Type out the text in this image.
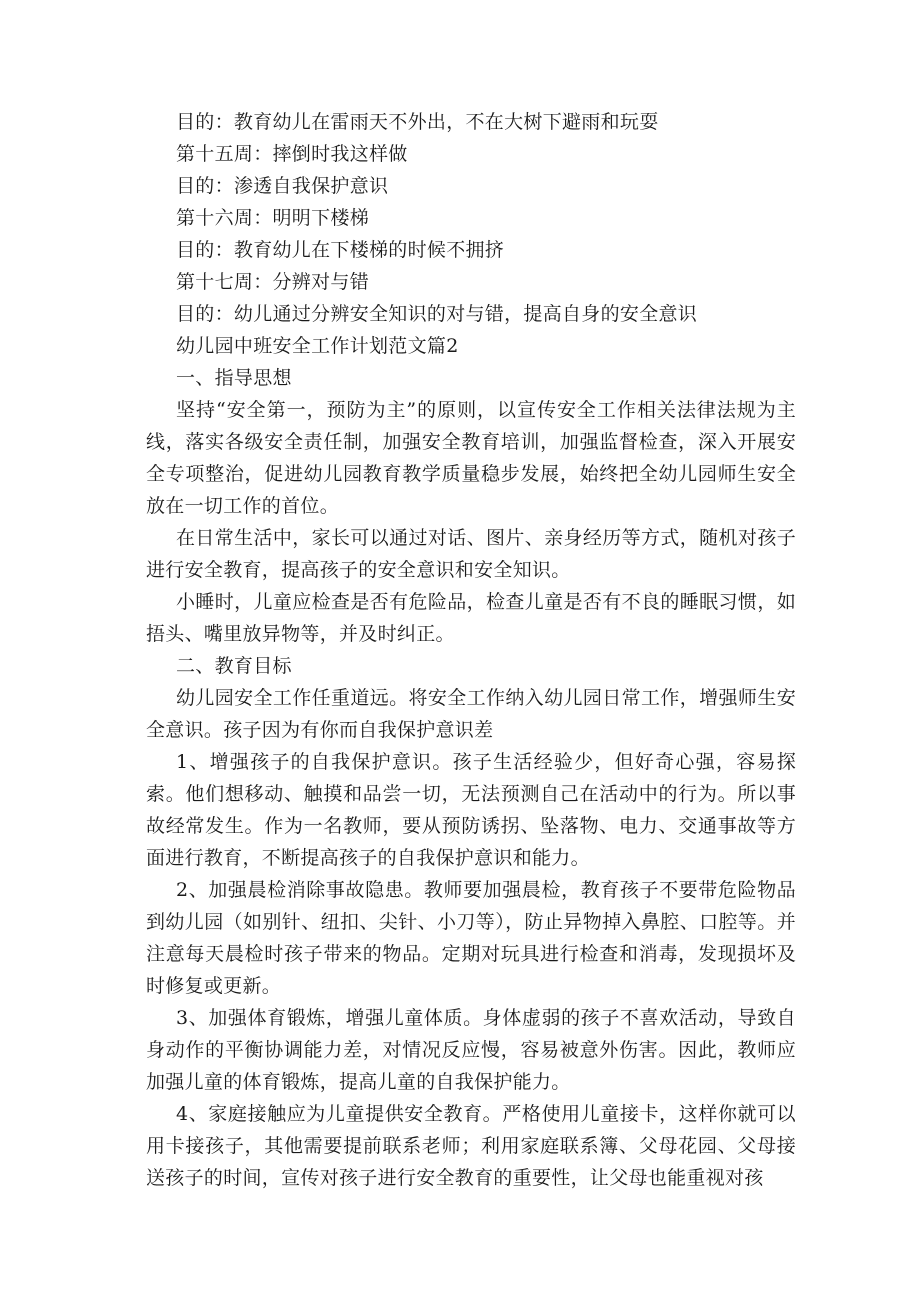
目的：教育幼儿在雷雨天不外出，不在大树下避雨和玩耍

第十五周：摔倒时我这样做

目的：渗透自我保护意识

第十六周：明明下楼梯

目的：教育幼儿在下楼梯的时候不拥挤

第十七周：分辨对与错

目的：幼儿通过分辨安全知识的对与错，提高自身的安全意识

幼儿园中班安全工作计划范文篇2

一、指导思想

坚持“安全第一，预防为主”的原则，以宣传安全工作相关法律法规为主线，落实各级安全责任制，加强安全教育培训，加强监督检查，深入开展安全专项整治，促进幼儿园教育教学质量稳步发展，始终把全幼儿园师生安全放在一切工作的首位。

在日常生活中，家长可以通过对话、图片、亲身经历等方式，随机对孩子进行安全教育，提高孩子的安全意识和安全知识。

小睡时，儿童应检查是否有危险品，检查儿童是否有不良的睡眠习惯，如捂头、嘴里放异物等，并及时纠正。

二、教育目标

幼儿园安全工作任重道远。将安全工作纳入幼儿园日常工作，增强师生安全意识。孩子因为有你而自我保护意识差

1、增强孩子的自我保护意识。孩子生活经验少，但好奇心强，容易探索。他们想移动、触摸和品尝一切，无法预测自己在活动中的行为。所以事故经常发生。作为一名教师，要从预防诱拐、坠落物、电力、交通事故等方面进行教育，不断提高孩子的自我保护意识和能力。

2、加强晨检消除事故隐患。教师要加强晨检，教育孩子不要带危险物品到幼儿园（如别针、纽扣、尖针、小刀等），防止异物掉入鼻腔、口腔等。并注意每天晨检时孩子带来的物品。定期对玩具进行检查和消毒，发现损坏及时修复或更新。

3、加强体育锻炼，增强儿童体质。身体虚弱的孩子不喜欢活动，导致自身动作的平衡协调能力差，对情况反应慢，容易被意外伤害。因此，教师应加强儿童的体育锻炼，提高儿童的自我保护能力。

4、家庭接触应为儿童提供安全教育。严格使用儿童接卡，这样你就可以用卡接孩子，其他需要提前联系老师；利用家庭联系簿、父母花园、父母接送孩子的时间，宣传对孩子进行安全教育的重要性，让父母也能重视对孩
